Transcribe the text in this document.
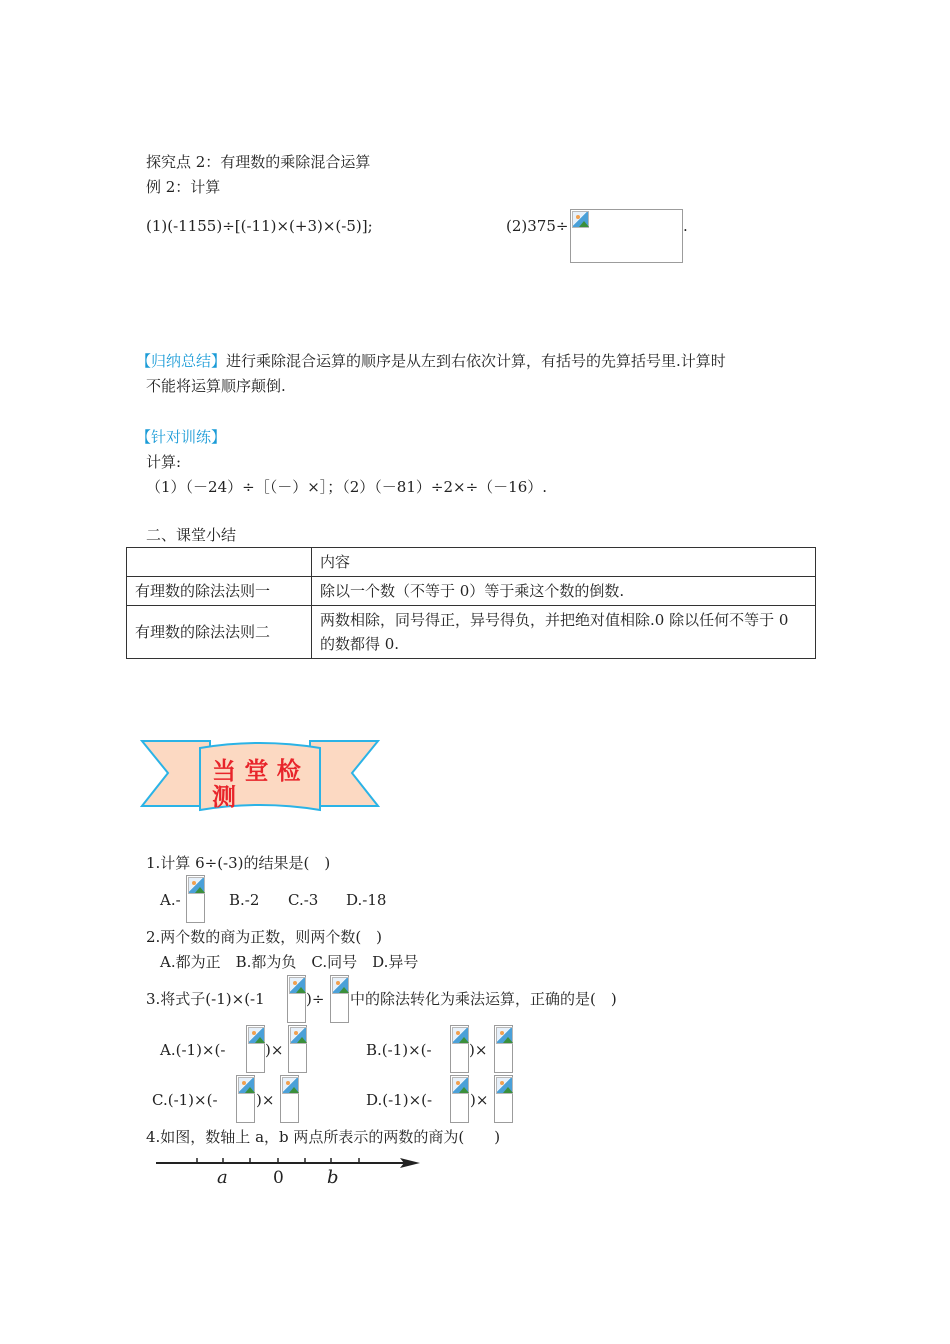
探究点 2：有理数的乘除混合运算
例 2：计算
(1)(-1155)÷[(-11)×(+3)×(-5)];	(2)375÷	.
【归纳总结】进行乘除混合运算的顺序是从左到右依次计算，有括号的先算括号里.计算时
不能将运算顺序颠倒.
【针对训练】
计算:
（1）（－24）÷［（－）×］；（2）（－81）÷2×÷（－16）.
二、课堂小结
	内容
有理数的除法法则一	除以一个数（不等于 0）等于乘这个数的倒数.
有理数的除法法则二	两数相除，同号得正，异号得负，并把绝对值相除.0 除以任何不等于 0 的数都得 0.
当 堂 检
测
1.计算 6÷(-3)的结果是(　)
A.-	B.-2 C.-3 D.-18
2.两个数的商为正数，则两个数(　)
A.都为正　B.都为负　C.同号　D.异号
3.将式子(-1)×(-1	)÷ 中的除法转化为乘法运算，正确的是(　)
A.(-1)×(-	)×	B.(-1)×(- )×
C.(-1)×(-	)×	D.(-1)×(-	)×
4.如图，数轴上 a，b 两点所表示的两数的商为(　　)
a	0 b
